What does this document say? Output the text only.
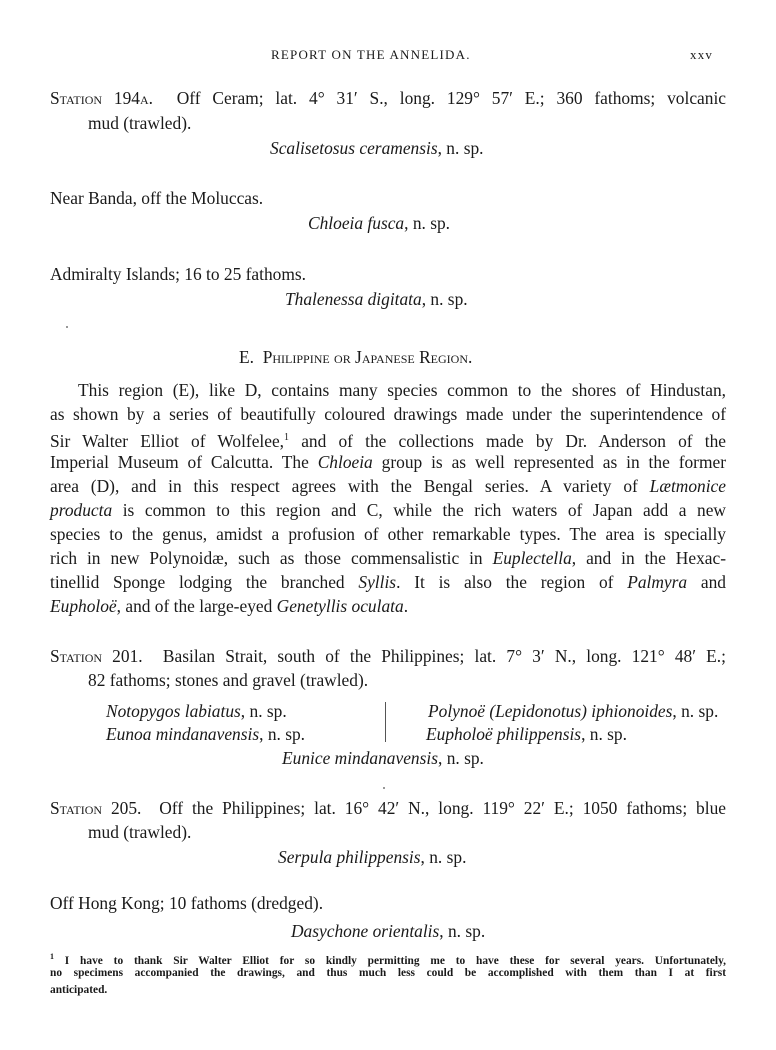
REPORT ON THE ANNELIDA.	xxv
Station 194a. Off Ceram; lat. 4° 31′ S., long. 129° 57′ E.; 360 fathoms; volcanic
mud (trawled).
Scalisetosus ceramensis, n. sp.
Near Banda, off the Moluccas.
Chloeia fusca, n. sp.
Admiralty Islands; 16 to 25 fathoms.
Thalenessa digitata, n. sp.
E. Philippine or Japanese Region.
This region (E), like D, contains many species common to the shores of Hindustan,
as shown by a series of beautifully coloured drawings made under the superintendence of
Sir Walter Elliot of Wolfelee,$^1$ and of the collections made by Dr. Anderson of the
Imperial Museum of Calcutta. The Chloeia group is as well represented as in the former
area (D), and in this respect agrees with the Bengal series. A variety of Lætmonice
producta is common to this region and C, while the rich waters of Japan add a new
species to the genus, amidst a profusion of other remarkable types. The area is specially
rich in new Polynoidæ, such as those commensalistic in Euplectella, and in the Hexac-
tinellid Sponge lodging the branched Syllis. It is also the region of Palmyra and
Eupholoë, and of the large-eyed Genetyllis oculata.
Station 201. Basilan Strait, south of the Philippines; lat. 7° 3′ N., long. 121° 48′ E.;
82 fathoms; stones and gravel (trawled).
Notopygos labiatus, n. sp.
Eunoa mindanavensis, n. sp.
Polynoë (Lepidonotus) iphionoides, n. sp.
Eupholoë philippensis, n. sp.
Eunice mindanavensis, n. sp.
Station 205. Off the Philippines; lat. 16° 42′ N., long. 119° 22′ E.; 1050 fathoms; blue
mud (trawled).
Serpula philippensis, n. sp.
Off Hong Kong; 10 fathoms (dredged).
Dasychone orientalis, n. sp.
$^1$ I have to thank Sir Walter Elliot for so kindly permitting me to have these for several years. Unfortunately,
no specimens accompanied the drawings, and thus much less could be accomplished with them than I at first
anticipated.
